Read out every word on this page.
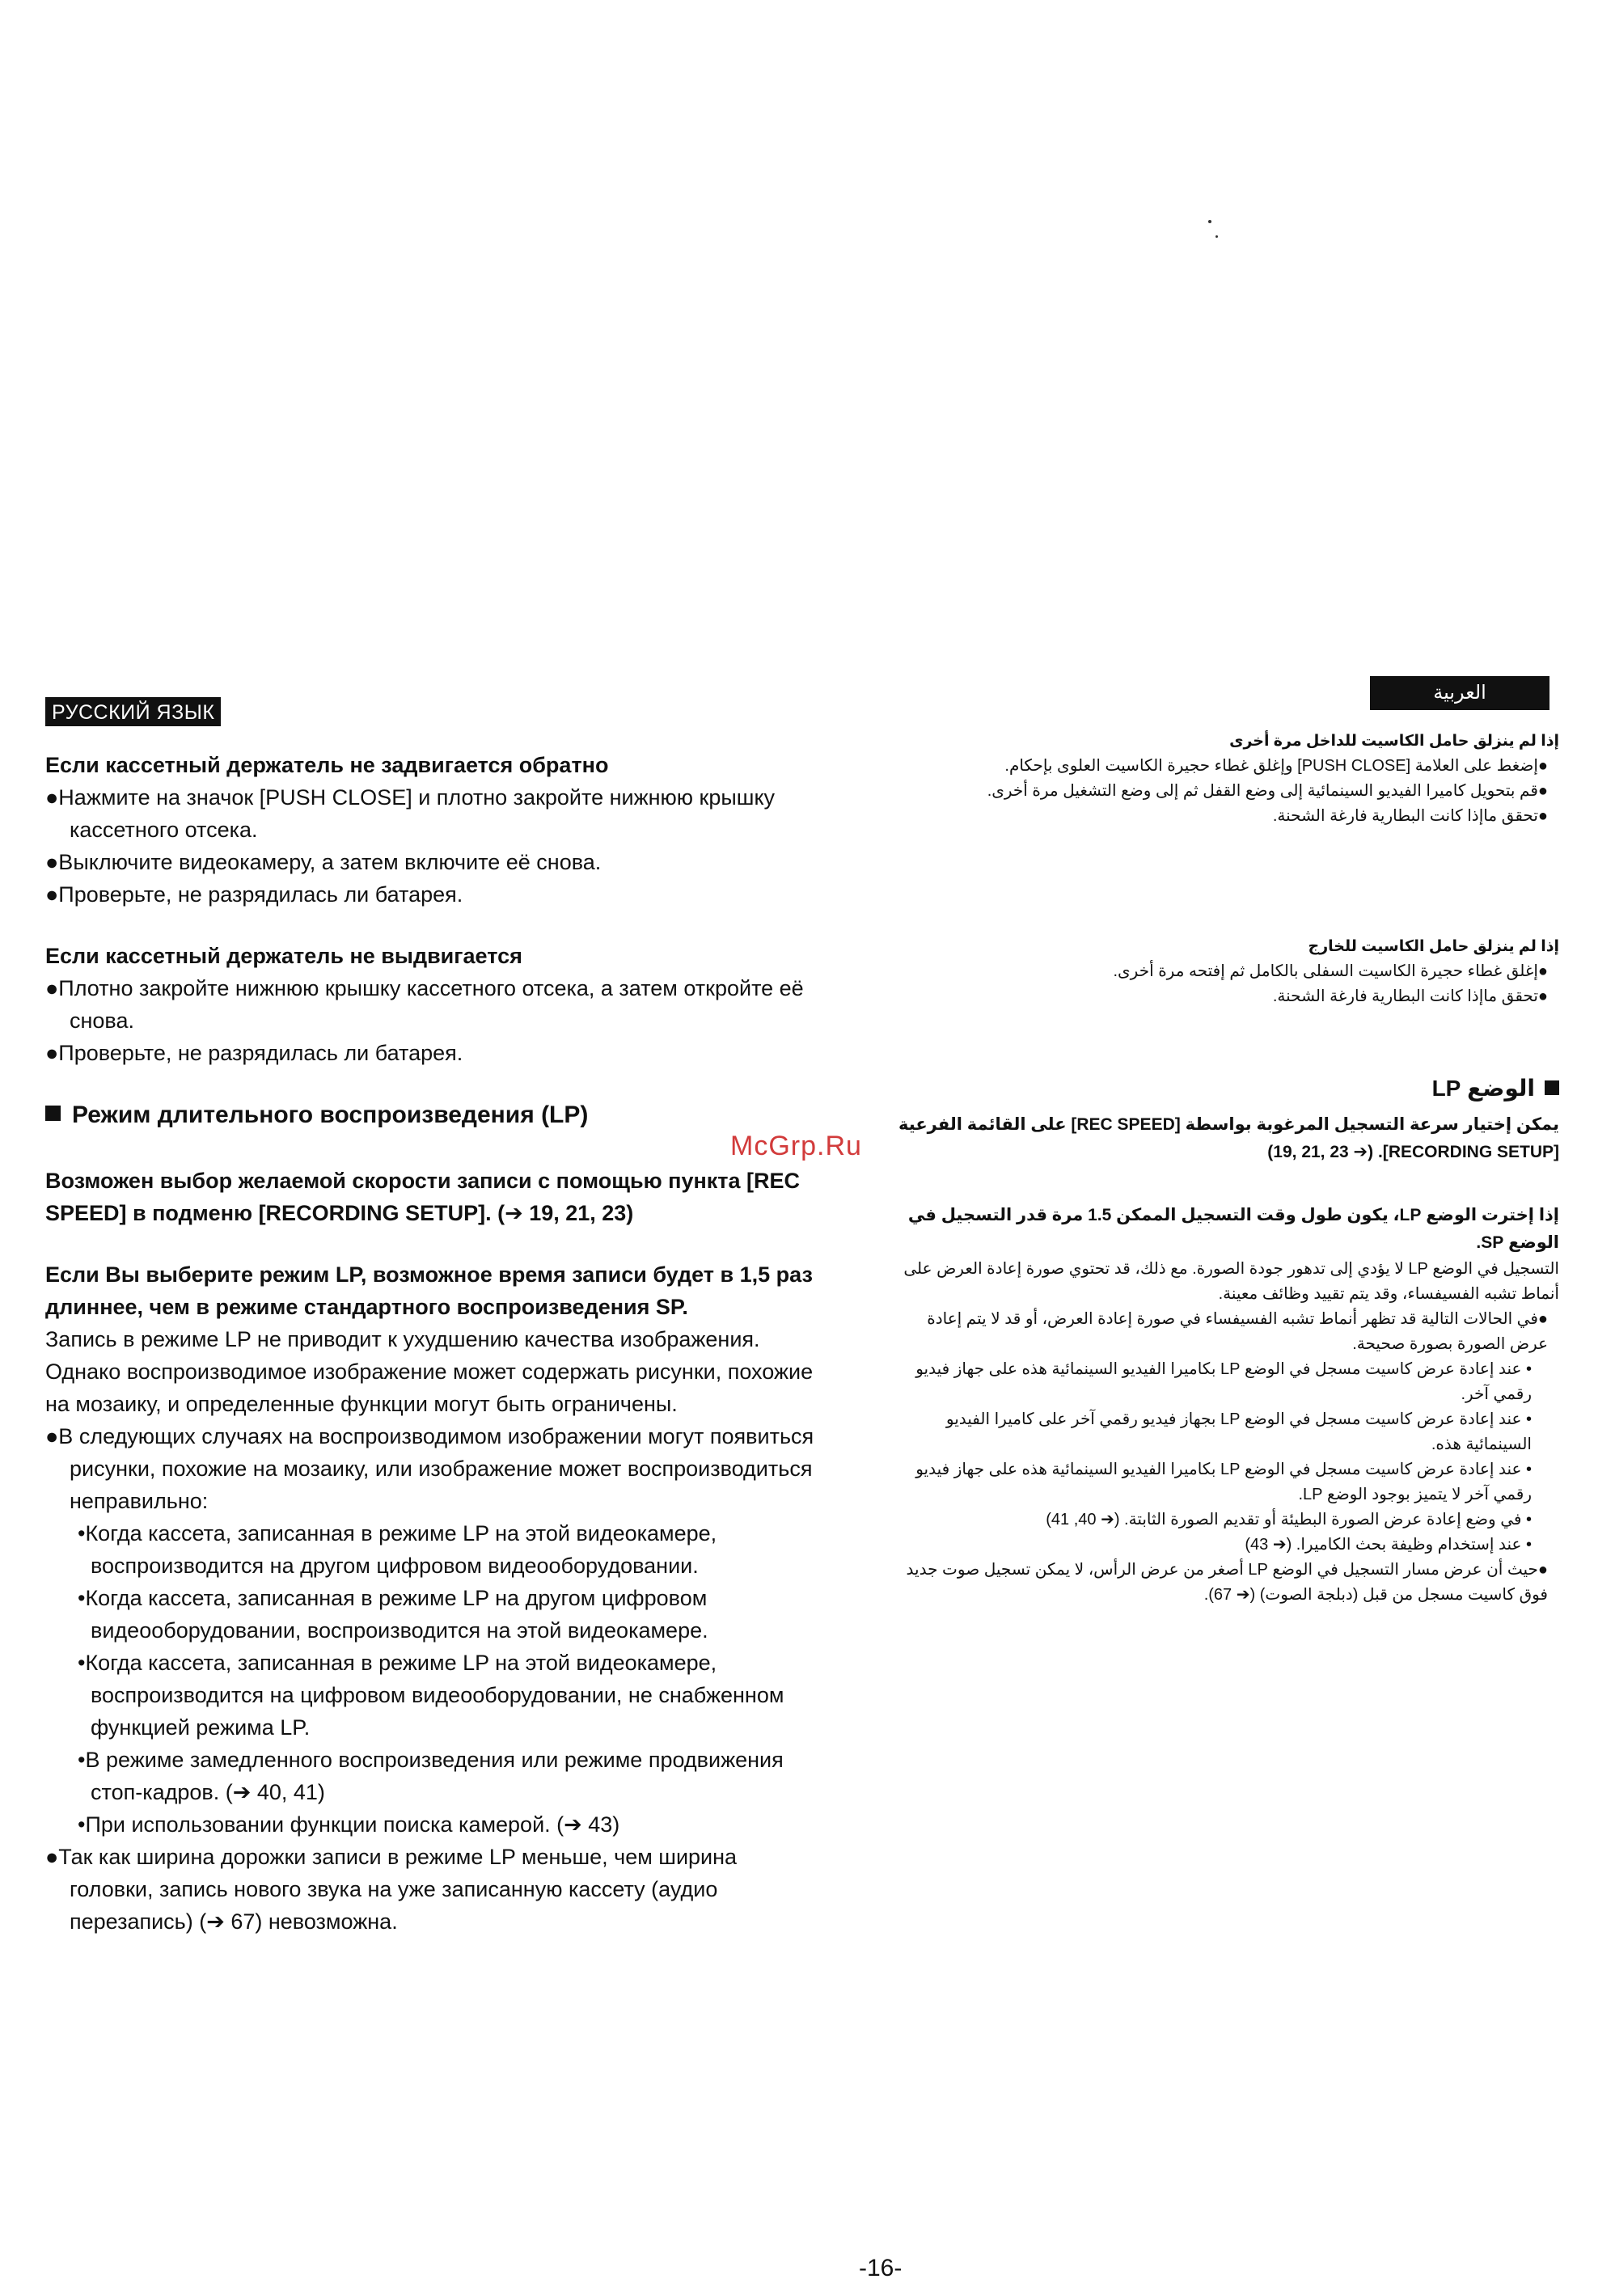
РУССКИЙ ЯЗЫК
Если кассетный держатель не задвигается обратно

●Нажмите на значок [PUSH CLOSE] и плотно закройте нижнюю крышку кассетного отсека.

●Выключите видеокамеру, а затем включите её снова.

●Проверьте, не разрядилась ли батарея.

Если кассетный держатель не выдвигается

●Плотно закройте нижнюю крышку кассетного отсека, а затем откройте её снова.

●Проверьте, не разрядилась ли батарея.

Режим длительного воспроизведения (LP)

Возможен выбор желаемой скорости записи с помощью пункта [REC SPEED] в подменю [RECORDING SETUP]. (➔ 19, 21, 23)

Если Вы выберите режим LP, возможное время записи будет в 1,5 раз длиннее, чем в режиме стандартного воспроизведения SP.

Запись в режиме LP не приводит к ухудшению качества изображения. Однако воспроизводимое изображение может содержать рисунки, похожие на мозаику, и определенные функции могут быть ограничены.

●В следующих случаях на воспроизводимом изображении могут появиться рисунки, похожие на мозаику, или изображение может воспроизводиться неправильно:

•Когда кассета, записанная в режиме LP на этой видеокамере, воспроизводится на другом цифровом видеооборудовании.

•Когда кассета, записанная в режиме LP на другом цифровом видеооборудовании, воспроизводится на этой видеокамере.

•Когда кассета, записанная в режиме LP на этой видеокамере, воспроизводится на цифровом видеооборудовании, не снабженном функцией режима LP.

•В режиме замедленного воспроизведения или режиме продвижения стоп-кадров. (➔ 40, 41)

•При использовании функции поиска камерой. (➔ 43)

●Так как ширина дорожки записи в режиме LP меньше, чем ширина головки, запись нового звука на уже записанную кассету (аудио перезапись) (➔ 67) невозможна.

McGrp.Ru
العربية
إذا لم ينزلق حامل الكاسيت للداخل مرة أخرى

●إضغط على العلامة [PUSH CLOSE] وإغلق غطاء حجيرة الكاسيت العلوى بإحكام.

●قم بتحويل كاميرا الفيديو السينمائية إلى وضع القفل ثم إلى وضع التشغيل مرة أخرى.

●تحقق ماإذا كانت البطارية فارغة الشحنة.

إذا لم ينزلق حامل الكاسيت للخارج

●إغلق غطاء حجيرة الكاسيت السفلى بالكامل ثم إفتحه مرة أخرى.

●تحقق ماإذا كانت البطارية فارغة الشحنة.

الوضع LP

يمكن إختيار سرعة التسجيل المرغوبة بواسطة [REC SPEED] على القائمة الفرعية [RECORDING SETUP]. (➔ 19, 21, 23)

إذا إخترت الوضع LP، يكون طول وقت التسجيل الممكن 1.5 مرة قدر التسجيل في الوضع SP.

التسجيل في الوضع LP لا يؤدي إلى تدهور جودة الصورة. مع ذلك، قد تحتوي صورة إعادة العرض على أنماط تشبه الفسيفساء، وقد يتم تقييد وظائف معينة.

●في الحالات التالية قد تظهر أنماط تشبه الفسيفساء في صورة إعادة العرض، أو قد لا يتم إعادة عرض الصورة بصورة صحيحة.

• عند إعادة عرض كاسيت مسجل في الوضع LP بكاميرا الفيديو السينمائية هذه على جهاز فيديو رقمي آخر.

• عند إعادة عرض كاسيت مسجل في الوضع LP بجهاز فيديو رقمي آخر على كاميرا الفيديو السينمائية هذه.

• عند إعادة عرض كاسيت مسجل في الوضع LP بكاميرا الفيديو السينمائية هذه على جهاز فيديو رقمي آخر لا يتميز بوجود الوضع LP.

• في وضع إعادة عرض الصورة البطيئة أو تقديم الصورة الثابتة. (➔ 40, 41)

• عند إستخدام وظيفة بحث الكاميرا. (➔ 43)

●حيث أن عرض مسار التسجيل في الوضع LP أصغر من عرض الرأس، لا يمكن تسجيل صوت جديد فوق كاسيت مسجل من قبل (دبلجة الصوت) (➔ 67).

-16-
